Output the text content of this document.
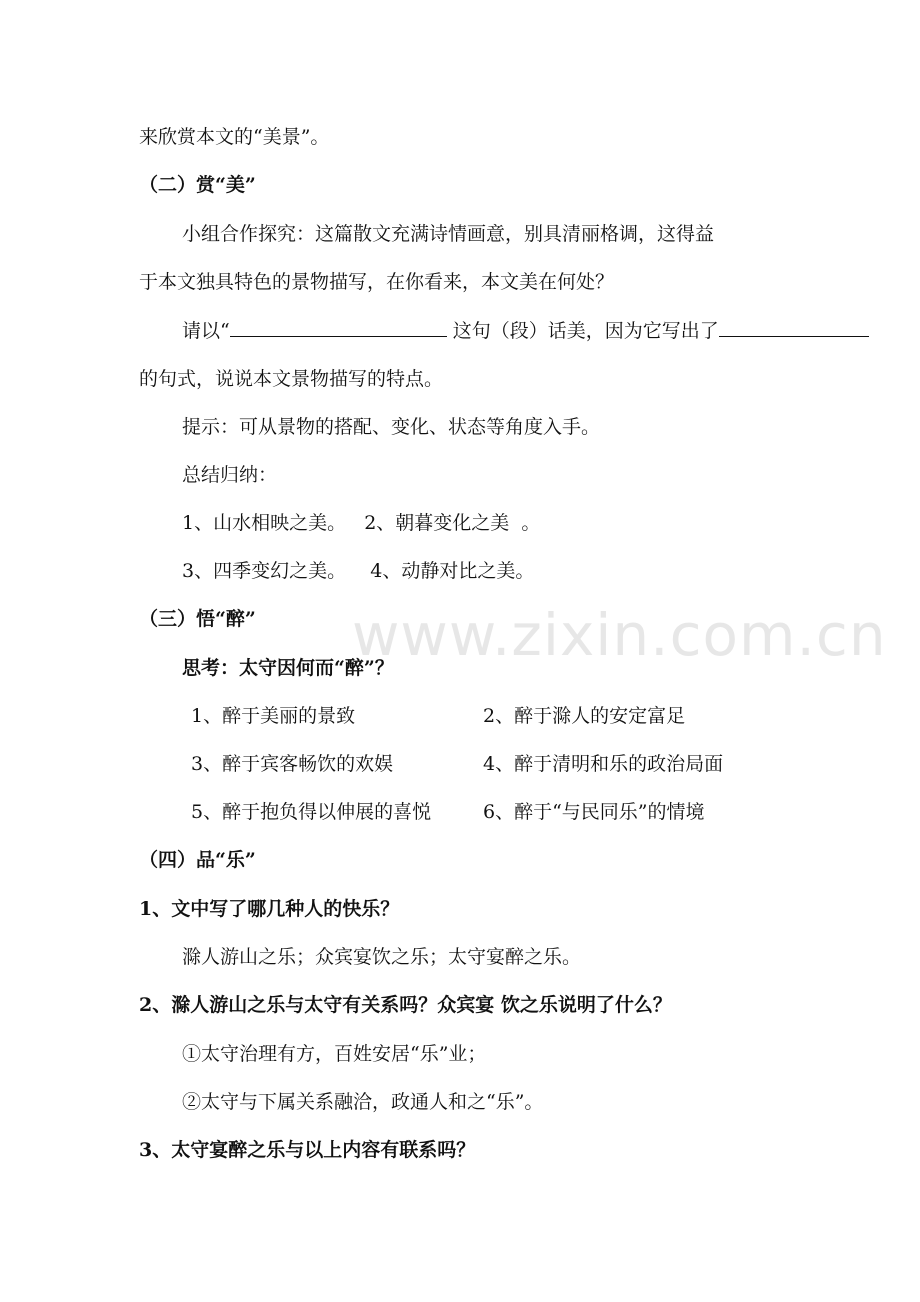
www.zixin.com.cn
来欣赏本文的“美景”。
（二）赏“美”
小组合作探究：这篇散文充满诗情画意，别具清丽格调，这得益
于本文独具特色的景物描写，在你看来，本文美在何处？
请以“	这句（段）话美，因为它写出了
的句式，说说本文景物描写的特点。
提示：可从景物的搭配、变化、状态等角度入手。
总结归纳：
1、山水相映之美。   2、朝暮变化之美  。
3、四季变幻之美。    4、动静对比之美。
（三）悟“醉”
思考：太守因何而“醉”？
1、醉于美丽的景致	2、醉于滁人的安定富足
3、醉于宾客畅饮的欢娱	4、醉于清明和乐的政治局面
5、醉于抱负得以伸展的喜悦	6、醉于“与民同乐”的情境
（四）品“乐”
1、文中写了哪几种人的快乐？
滁人游山之乐；众宾宴饮之乐；太守宴醉之乐。
2、滁人游山之乐与太守有关系吗？众宾宴 饮之乐说明了什么？
①太守治理有方，百姓安居“乐”业；
②太守与下属关系融洽，政通人和之“乐”。
3、太守宴醉之乐与以上内容有联系吗？
